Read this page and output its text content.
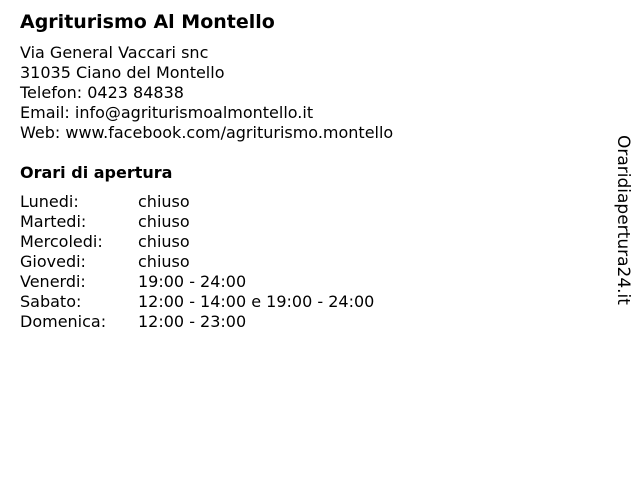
Agriturismo Al Montello
Via General Vaccari snc
31035 Ciano del Montello
Telefon: 0423 84838
Email: info@agriturismoalmontello.it
Web: www.facebook.com/agriturismo.montello
Orari di apertura
Lunedi:	chiuso
Martedi:	chiuso
Mercoledi:	chiuso
Giovedi:	chiuso
Venerdi:	19:00 - 24:00
Sabato:	12:00 - 14:00 e 19:00 - 24:00
Domenica:	12:00 - 23:00
Oraridiapertura24.it
